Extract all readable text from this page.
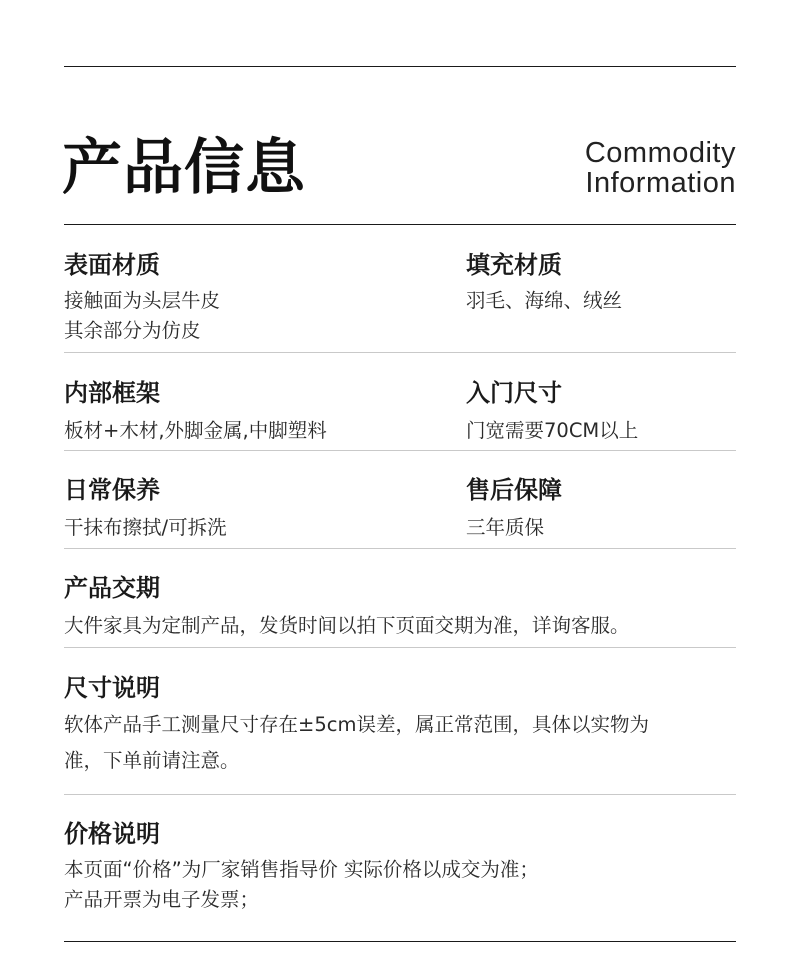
产品信息	Commodity
Information
表面材质
接触面为头层牛皮
其余部分为仿皮
填充材质
羽毛、海绵、绒丝
内部框架
板材+木材,外脚金属,中脚塑料
入门尺寸
门宽需要70CM以上
日常保养
干抹布擦拭/可拆洗
售后保障
三年质保
产品交期
大件家具为定制产品，发货时间以拍下页面交期为准，详询客服。
尺寸说明
软体产品手工测量尺寸存在±5cm误差，属正常范围，具体以实物为
准，下单前请注意。
价格说明
本页面“价格”为厂家销售指导价 实际价格以成交为准；
产品开票为电子发票；
